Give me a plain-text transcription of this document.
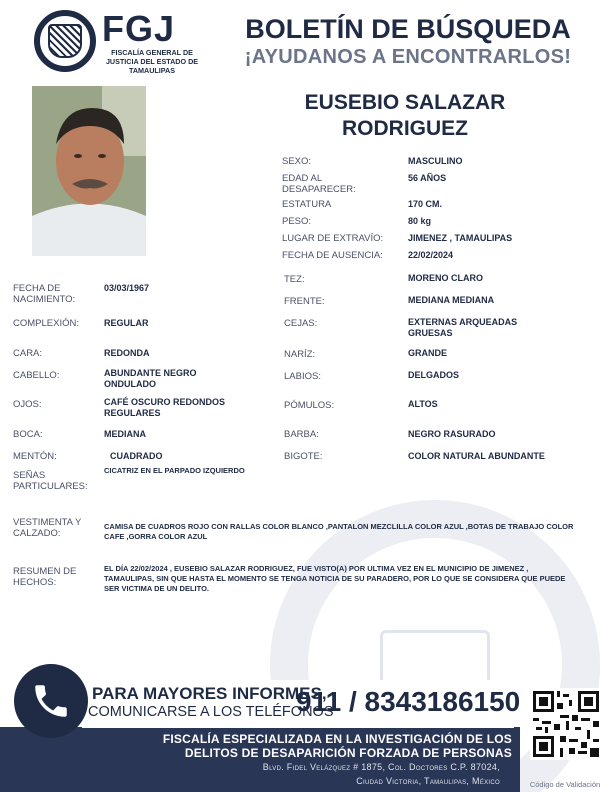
FGJ
FISCALÍA GENERAL DE JUSTICIA DEL ESTADO DE TAMAULIPAS
BOLETÍN DE BÚSQUEDA
¡AYUDANOS A ENCONTRARLOS!
EUSEBIO SALAZAR RODRIGUEZ
SEXO:	MASCULINO
EDAD AL DESAPARECER:
56 AÑOS
ESTATURA	170 CM.
PESO:	80 kg
LUGAR DE EXTRAVÍO:	JIMENEZ , TAMAULIPAS
FECHA DE AUSENCIA:	22/02/2024
FECHA DE NACIMIENTO:
03/03/1967
COMPLEXIÓN:	REGULAR
CARA:	REDONDA
CABELLO:	ABUNDANTE NEGRO ONDULADO
OJOS:	CAFÉ OSCURO REDONDOS REGULARES
BOCA:	MEDIANA
MENTÓN:	CUADRADO
SEÑAS PARTICULARES:
CICATRIZ EN EL PARPADO IZQUIERDO
TEZ:	MORENO CLARO
FRENTE:	MEDIANA MEDIANA
CEJAS:	EXTERNAS ARQUEADAS GRUESAS
NARÍZ:	GRANDE
LABIOS:	DELGADOS
PÓMULOS:	ALTOS
BARBA:	NEGRO RASURADO
BIGOTE:	COLOR NATURAL ABUNDANTE
VESTIMENTA Y CALZADO:
CAMISA DE CUADROS ROJO CON RALLAS COLOR BLANCO ,PANTALON MEZCLILLA COLOR AZUL ,BOTAS DE TRABAJO COLOR CAFE ,GORRA COLOR AZUL
RESUMEN DE HECHOS:
EL DÍA 22/02/2024 , EUSEBIO SALAZAR RODRIGUEZ, FUE VISTO(A) POR ULTIMA VEZ EN EL MUNICIPIO DE JIMENEZ , TAMAULIPAS, SIN QUE HASTA EL MOMENTO SE TENGA NOTICIA DE SU PARADERO, POR LO QUE SE CONSIDERA QUE PUEDE SER VICTIMA DE UN DELITO.
PARA MAYORES INFORMES,
COMUNICARSE A LOS TELÉFONOS
911 / 8343186150
FISCALÍA ESPECIALIZADA EN LA INVESTIGACIÓN DE LOS
DELITOS DE DESAPARICIÓN FORZADA DE PERSONAS
Blvd. Fidel Velázquez # 1875, Col. Doctores C.P. 87024,
Ciudad Victoria, Tamaulipas, México	Código de Validación
